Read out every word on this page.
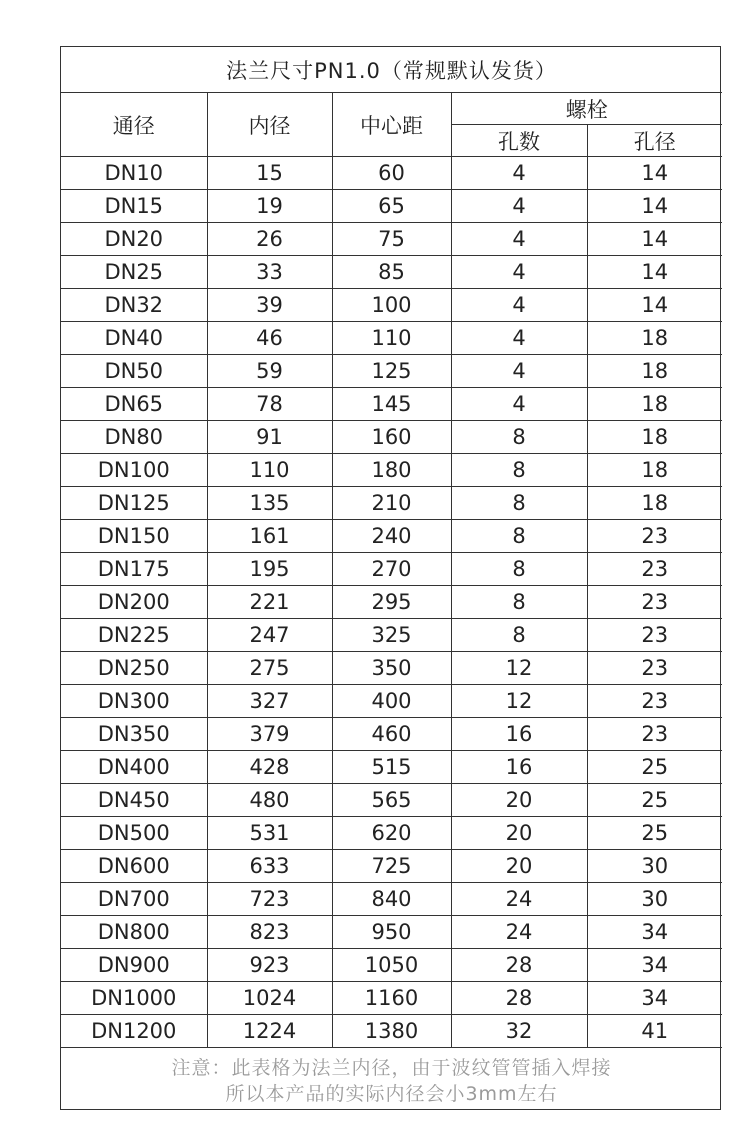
法兰尺寸PN1.0（常规默认发货）				
通径	内径	中心距	螺栓	
			孔数	孔径
DN10	15	60	4	14
DN15	19	65	4	14
DN20	26	75	4	14
DN25	33	85	4	14
DN32	39	100	4	14
DN40	46	110	4	18
DN50	59	125	4	18
DN65	78	145	4	18
DN80	91	160	8	18
DN100	110	180	8	18
DN125	135	210	8	18
DN150	161	240	8	23
DN175	195	270	8	23
DN200	221	295	8	23
DN225	247	325	8	23
DN250	275	350	12	23
DN300	327	400	12	23
DN350	379	460	16	23
DN400	428	515	16	25
DN450	480	565	20	25
DN500	531	620	20	25
DN600	633	725	20	30
DN700	723	840	24	30
DN800	823	950	24	34
DN900	923	1050	28	34
DN1000	1024	1160	28	34
DN1200	1224	1380	32	41

注意：此表格为法兰内径，由于波纹管管插入焊接
所以本产品的实际内径会小3mm左右				
